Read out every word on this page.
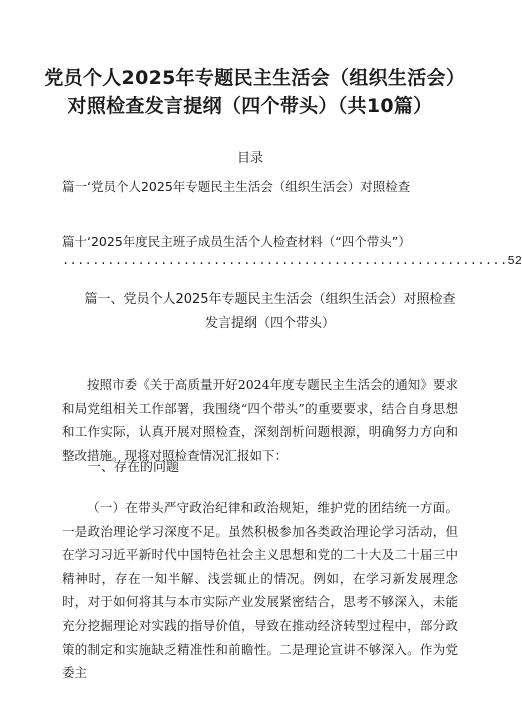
党员个人2025年专题民主生活会（组织生活会）对照检查发言提纲（四个带头）（共10篇）
目录
篇一‘党员个人2025年专题民主生活会（组织生活会）对照检查
篇十‘2025年度民主班子成员生活个人检查材料（“四个带头”）
........................................................... 52
篇一、党员个人2025年专题民主生活会（组织生活会）对照检查发言提纲（四个带头）

按照市委《关于高质量开好2024年度专题民主生活会的通知》要求和局党组相关工作部署，我围绕“四个带头”的重要要求，结合自身思想和工作实际，认真开展对照检查，深刻剖析问题根源，明确努力方向和整改措施。现将对照检查情况汇报如下：

一、存在的问题

（一）在带头严守政治纪律和政治规矩，维护党的团结统一方面。一是政治理论学习深度不足。虽然积极参加各类政治理论学习活动，但在学习习近平新时代中国特色社会主义思想和党的二十大及二十届三中精神时，存在一知半解、浅尝辄止的情况。例如，在学习新发展理念时，对于如何将其与本市实际产业发展紧密结合，思考不够深入，未能充分挖掘理论对实践的指导价值，导致在推动经济转型过程中，部分政策的制定和实施缺乏精准性和前瞻性。二是理论宣讲不够深入。作为党委主
